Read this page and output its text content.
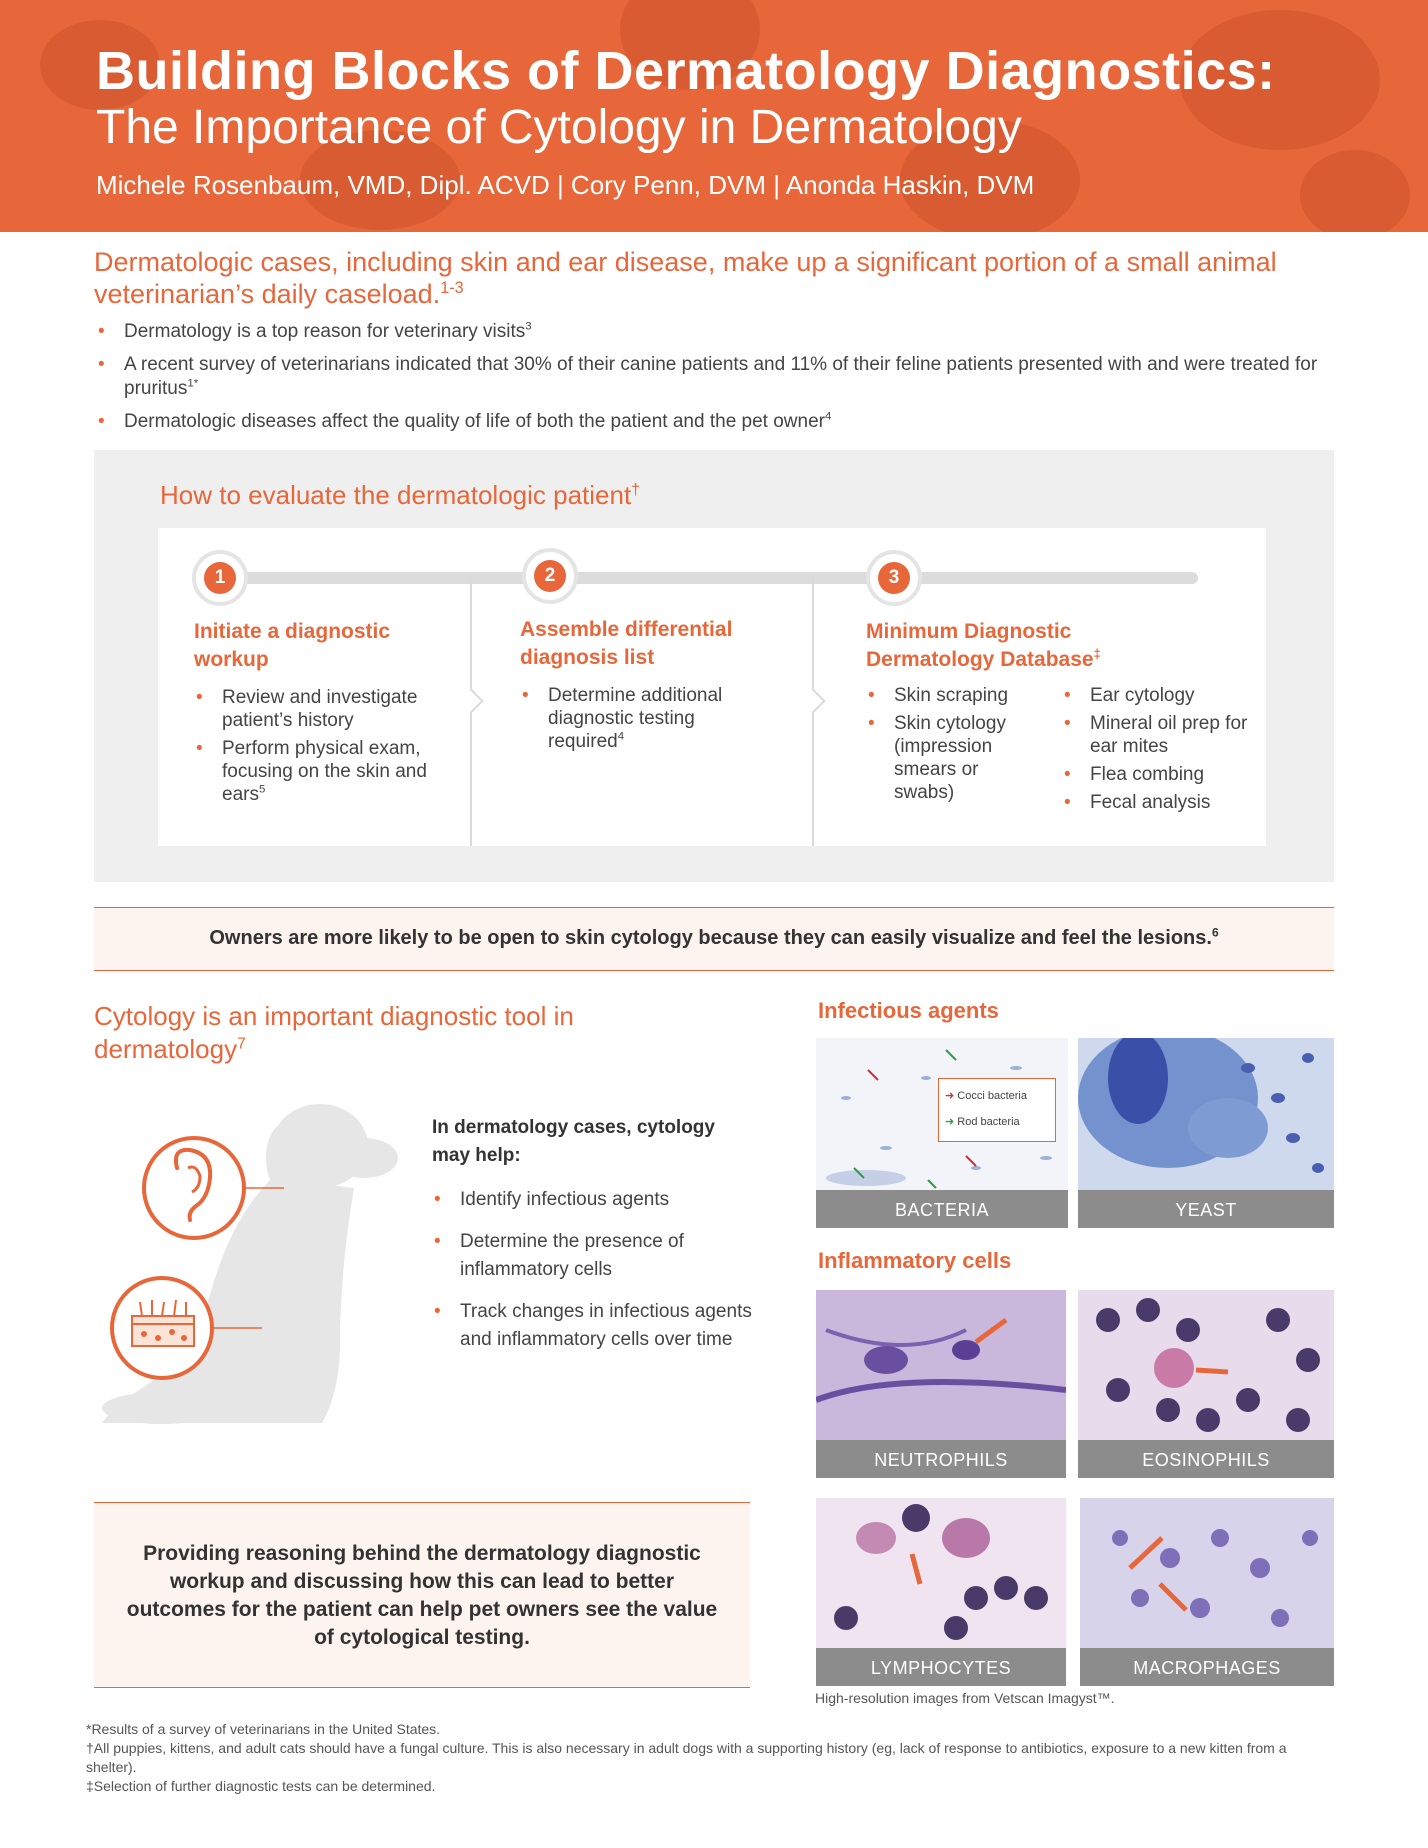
Building Blocks of Dermatology Diagnostics:
The Importance of Cytology in Dermatology
Michele Rosenbaum, VMD, Dipl. ACVD | Cory Penn, DVM | Anonda Haskin, DVM
Dermatologic cases, including skin and ear disease, make up a significant portion of a small animal veterinarian’s daily caseload.$^{1-3}$
• Dermatology is a top reason for veterinary visits$^3$
• A recent survey of veterinarians indicated that 30% of their canine patients and 11% of their feline patients presented with and were treated for pruritus$^{1*}$
• Dermatologic diseases affect the quality of life of both the patient and the pet owner$^4$
How to evaluate the dermatologic patient†
1	2	3
Initiate a diagnostic workup
• Review and investigate patient’s history
• Perform physical exam, focusing on the skin and ears$^5$
Assemble differential diagnosis list
• Determine additional diagnostic testing required$^4$
Minimum Diagnostic Dermatology Database‡
• Skin scraping
• Skin cytology (impression smears or swabs)
• Ear cytology
• Mineral oil prep for ear mites
• Flea combing
• Fecal analysis
Owners are more likely to be open to skin cytology because they can easily visualize and feel the lesions.$^6$
Cytology is an important diagnostic tool in dermatology$^7$
In dermatology cases, cytology may help:
• Identify infectious agents
• Determine the presence of inflammatory cells
• Track changes in infectious agents and inflammatory cells over time
Providing reasoning behind the dermatology diagnostic workup and discussing how this can lead to better outcomes for the patient can help pet owners see the value of cytological testing.
Infectious agents
➜ Cocci bacteria
➜ Rod bacteria
BACTERIA	YEAST
Inflammatory cells
NEUTROPHILS	EOSINOPHILS
LYMPHOCYTES	MACROPHAGES
High-resolution images from Vetscan Imagyst™.
*Results of a survey of veterinarians in the United States.
†All puppies, kittens, and adult cats should have a fungal culture. This is also necessary in adult dogs with a supporting history (eg, lack of response to antibiotics, exposure to a new kitten from a shelter).
‡Selection of further diagnostic tests can be determined.
